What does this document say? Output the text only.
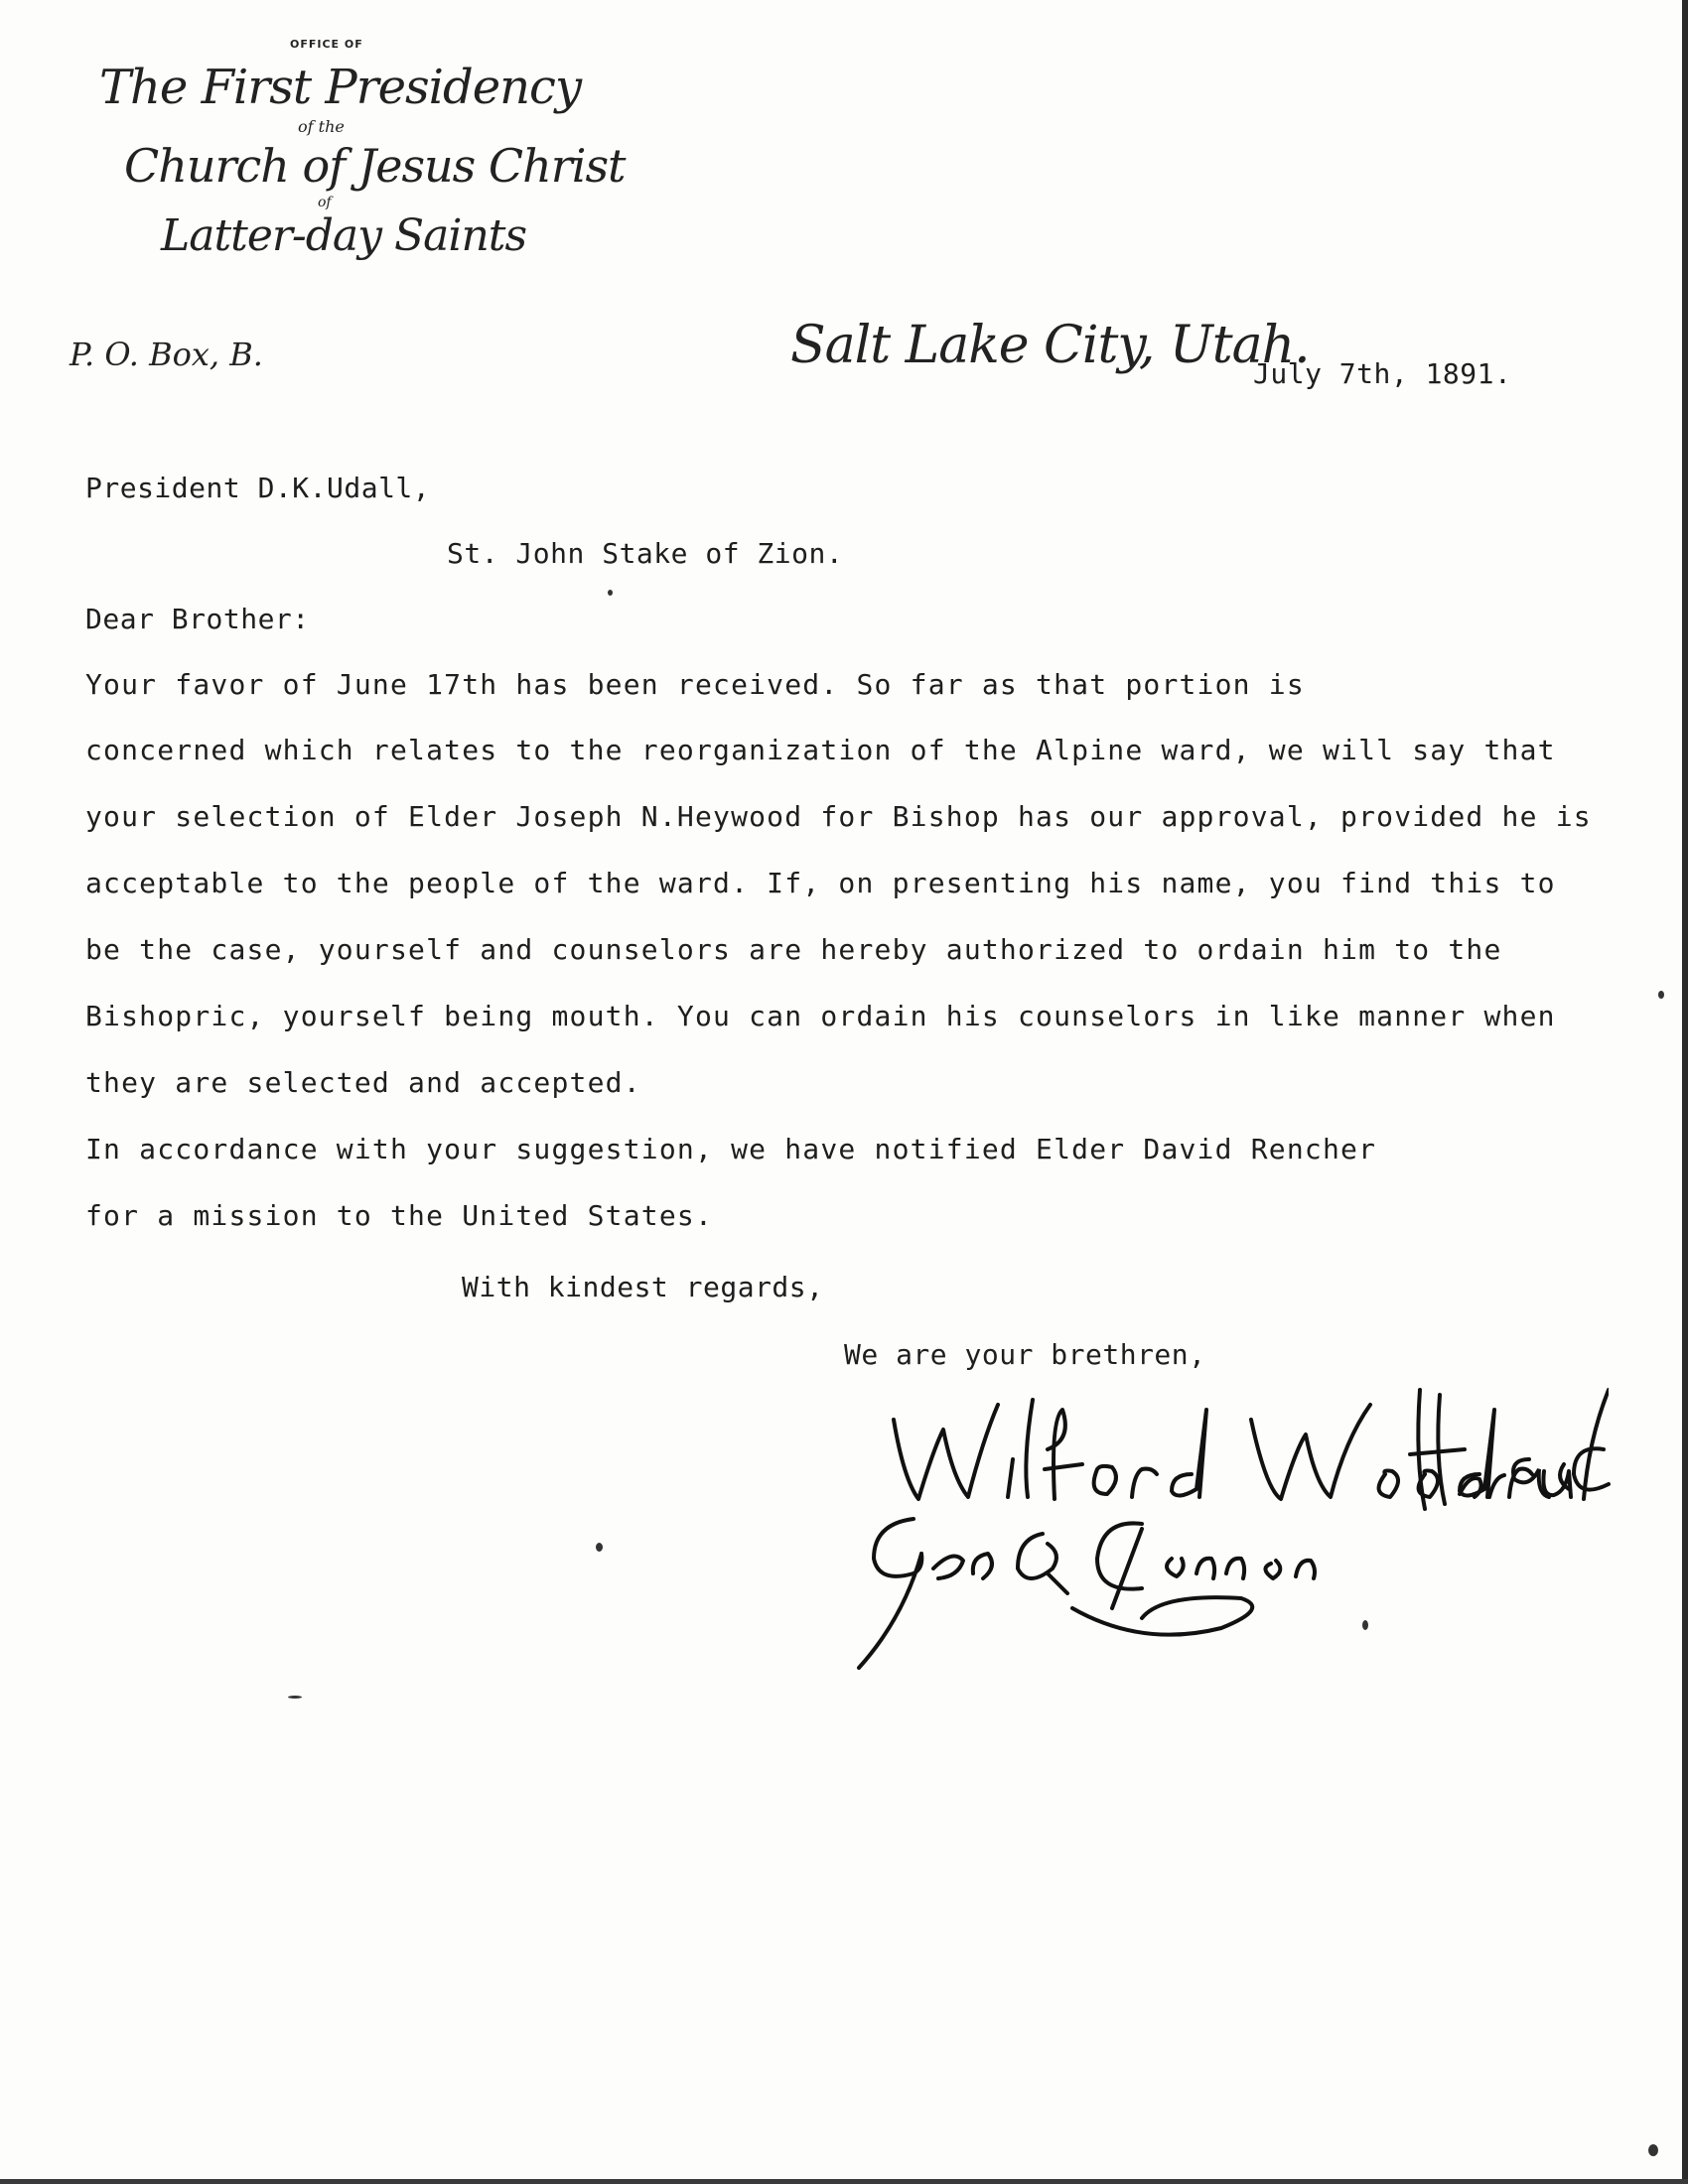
OFFICE OF
The First Presidency
of the
Church of Jesus Christ
of
Latter-day Saints
P. O. Box, B.	Salt Lake City, Utah.
July 7th, 1891.
President D.K.Udall,
St. John Stake of Zion.
Dear Brother:
Your favor of June 17th has been received. So far as that portion is
concerned which relates to the reorganization of the Alpine ward, we will say that
your selection of Elder Joseph N.Heywood for Bishop has our approval, provided he is
acceptable to the people of the ward. If, on presenting his name, you find this to
be the case, yourself and counselors are hereby authorized to ordain him to the
Bishopric, yourself being mouth. You can ordain his counselors in like manner when
they are selected and accepted.
In accordance with your suggestion, we have notified Elder David Rencher
for a mission to the United States.
With kindest regards,
We are your brethren,
